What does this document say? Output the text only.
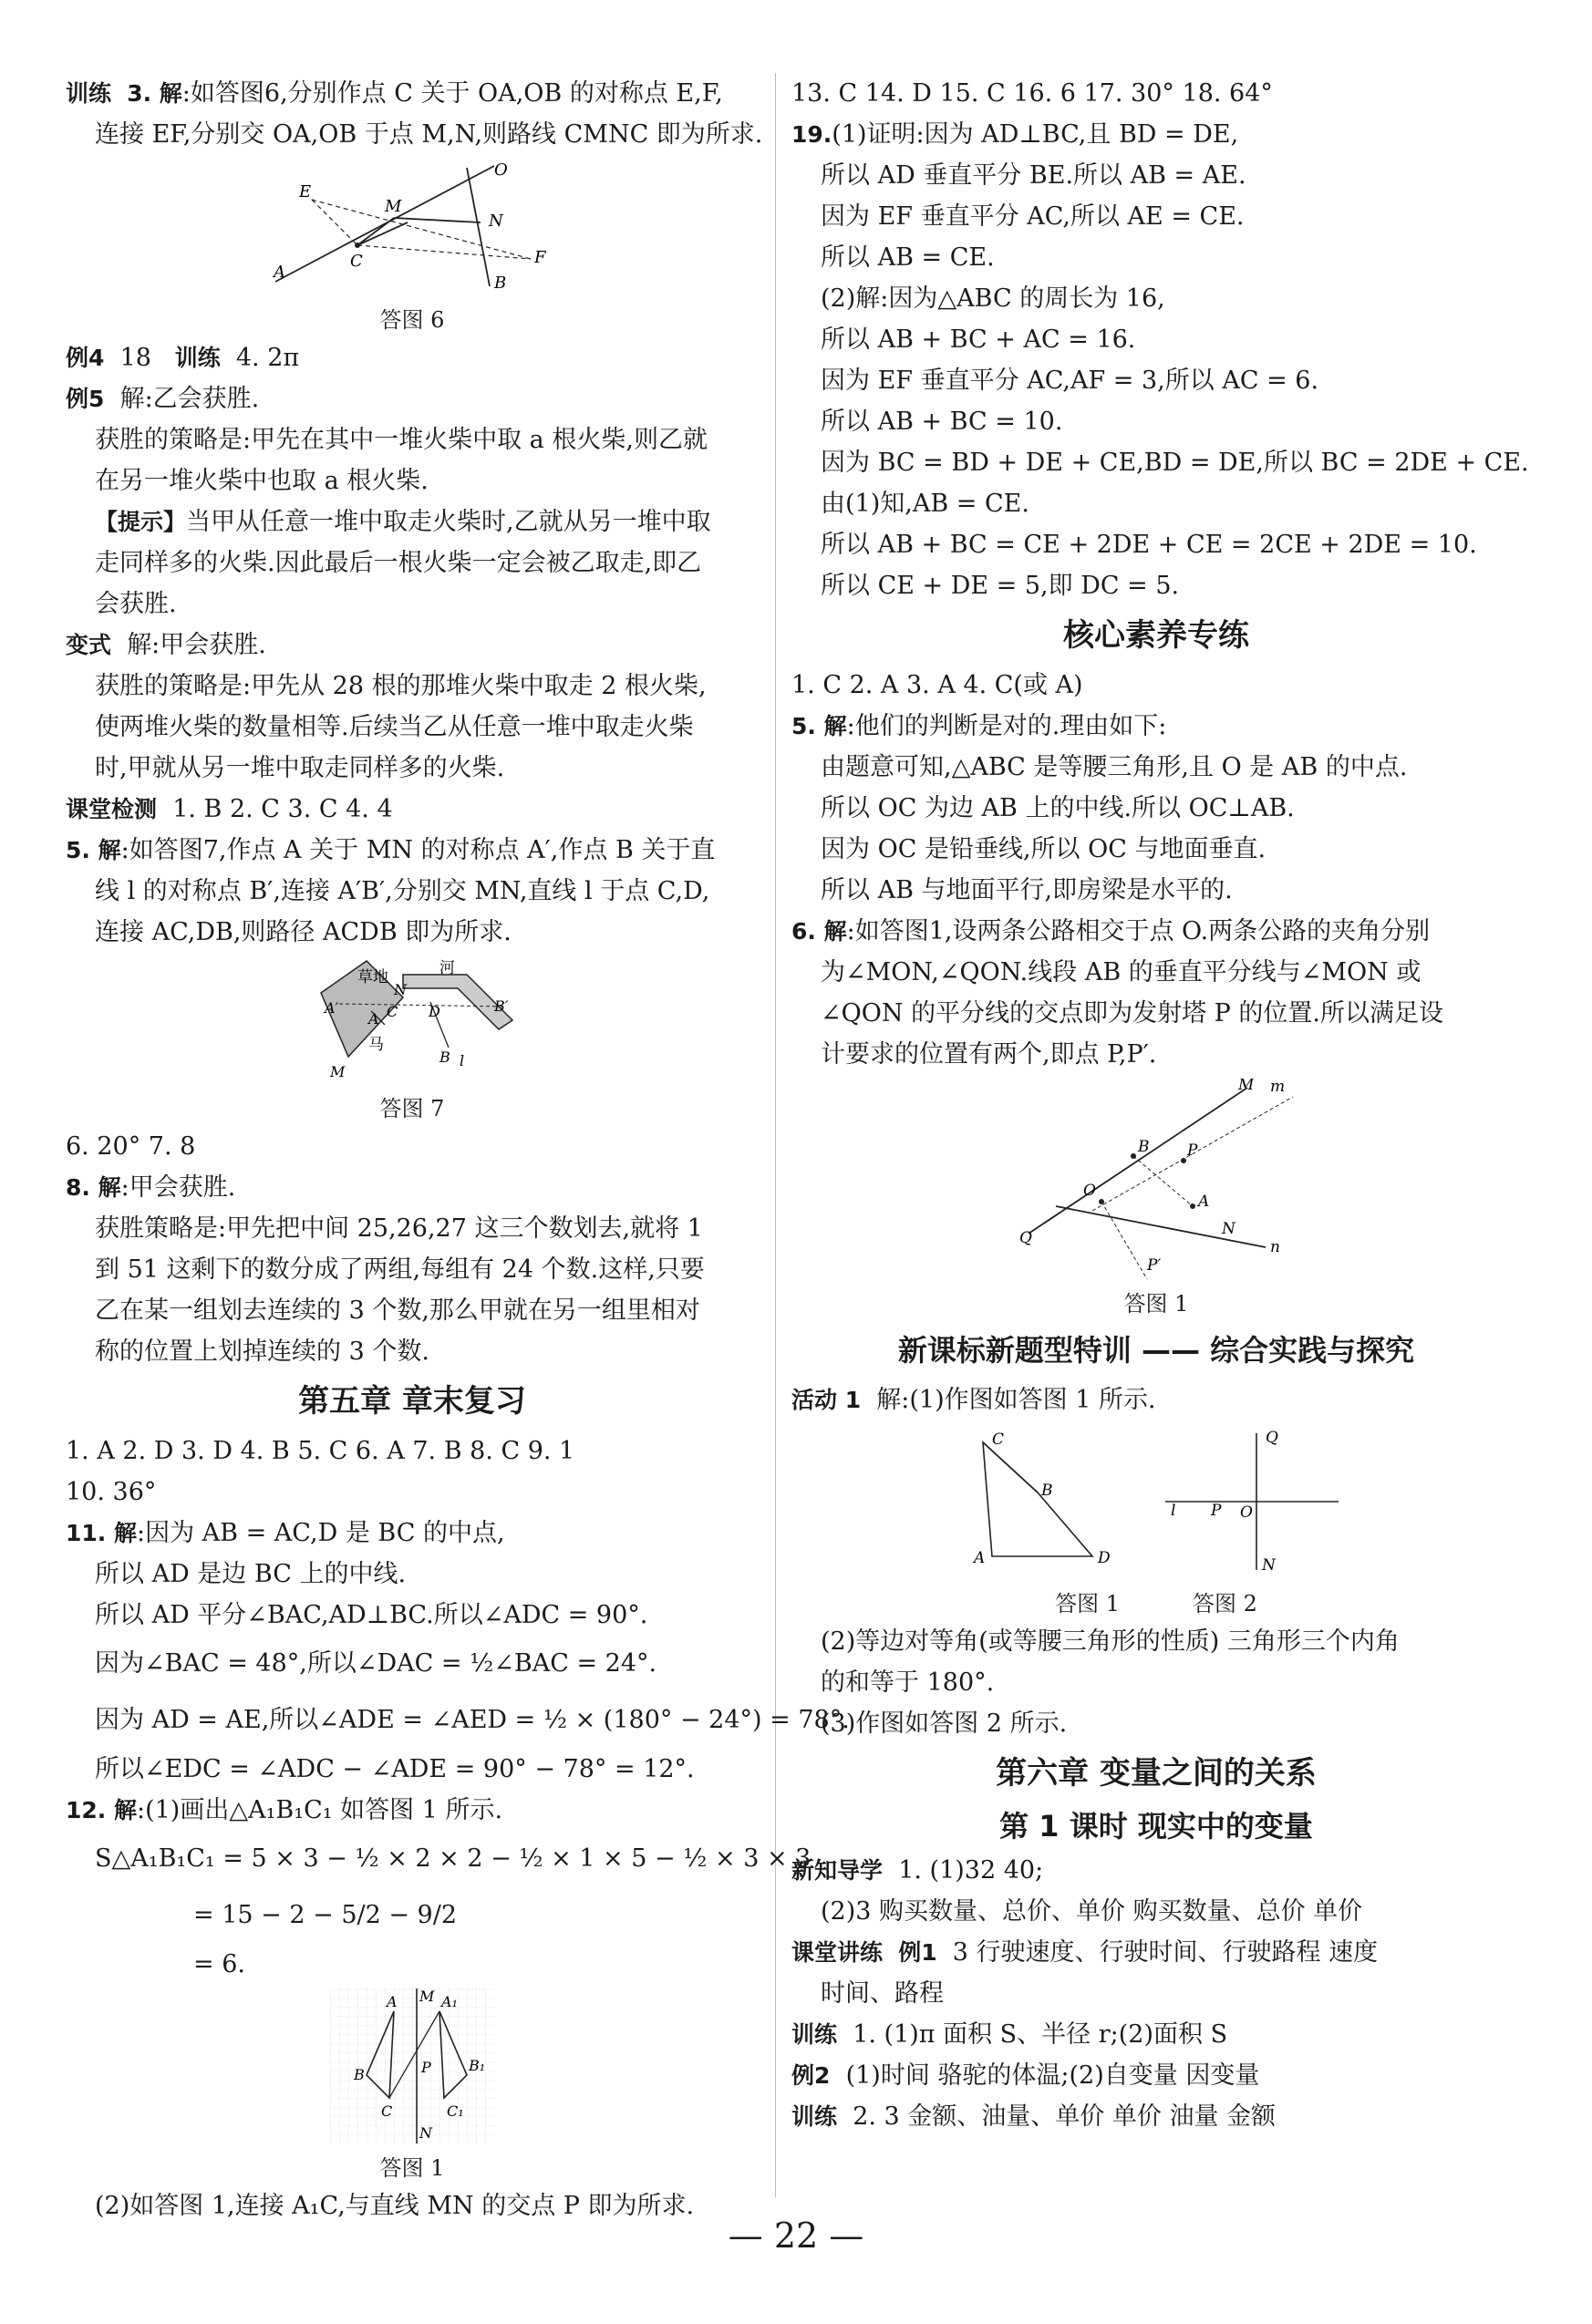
训练 3. 解:如答图6,分别作点 C 关于 OA,OB 的对称点 E,F,
连接 EF,分别交 OA,OB 于点 M,N,则路线 CMNC 即为所求.
E
M
O
N
F
A
C
B
答图 6
例4 18 训练 4. 2π
例5 解:乙会获胜.
获胜的策略是:甲先在其中一堆火柴中取 a 根火柴,则乙就
在另一堆火柴中也取 a 根火柴.
【提示】当甲从任意一堆中取走火柴时,乙就从另一堆中取
走同样多的火柴.因此最后一根火柴一定会被乙取走,即乙
会获胜.
变式 解:甲会获胜.
获胜的策略是:甲先从 28 根的那堆火柴中取走 2 根火柴,
使两堆火柴的数量相等.后续当乙从任意一堆中取走火柴
时,甲就从另一堆中取走同样多的火柴.
课堂检测 1. B 2. C 3. C 4. 4
5. 解:如答图7,作点 A 关于 MN 的对称点 A′,作点 B 关于直
线 l 的对称点 B′,连接 A′B′,分别交 MN,直线 l 于点 C,D,
连接 AC,DB,则路径 ACDB 即为所求.
草地	河
马
A′
A
N
C D	B′
B l
M
答图 7
6. 20° 7. 8
8. 解:甲会获胜.
获胜策略是:甲先把中间 25,26,27 这三个数划去,就将 1
到 51 这剩下的数分成了两组,每组有 24 个数.这样,只要
乙在某一组划去连续的 3 个数,那么甲就在另一组里相对
称的位置上划掉连续的 3 个数.
第五章 章末复习
1. A 2. D 3. D 4. B 5. C 6. A 7. B 8. C 9. 1
10. 36°
11. 解:因为 AB = AC,D 是 BC 的中点,
所以 AD 是边 BC 上的中线.
所以 AD 平分∠BAC,AD⊥BC.所以∠ADC = 90°.
因为∠BAC = 48°,所以∠DAC = ½∠BAC = 24°.
因为 AD = AE,所以∠ADE = ∠AED = ½ × (180° − 24°) = 78°.
所以∠EDC = ∠ADC − ∠ADE = 90° − 78° = 12°.
12. 解:(1)画出△A₁B₁C₁ 如答图 1 所示.
S△A₁B₁C₁ = 5 × 3 − ½ × 2 × 2 − ½ × 1 × 5 − ½ × 3 × 3
= 15 − 2 − 5/2 − 9/2
= 6.
M
A	A₁
B	P	B₁
C	C₁
N
答图 1
(2)如答图 1,连接 A₁C,与直线 MN 的交点 P 即为所求.
13. C 14. D 15. C 16. 6 17. 30° 18. 64°
19.(1)证明:因为 AD⊥BC,且 BD = DE,
所以 AD 垂直平分 BE.所以 AB = AE.
因为 EF 垂直平分 AC,所以 AE = CE.
所以 AB = CE.
(2)解:因为△ABC 的周长为 16,
所以 AB + BC + AC = 16.
因为 EF 垂直平分 AC,AF = 3,所以 AC = 6.
所以 AB + BC = 10.
因为 BC = BD + DE + CE,BD = DE,所以 BC = 2DE + CE.
由(1)知,AB = CE.
所以 AB + BC = CE + 2DE + CE = 2CE + 2DE = 10.
所以 CE + DE = 5,即 DC = 5.
核心素养专练
1. C 2. A 3. A 4. C(或 A)
5. 解:他们的判断是对的.理由如下:
由题意可知,△ABC 是等腰三角形,且 O 是 AB 的中点.
所以 OC 为边 AB 上的中线.所以 OC⊥AB.
因为 OC 是铅垂线,所以 OC 与地面垂直.
所以 AB 与地面平行,即房梁是水平的.
6. 解:如答图1,设两条公路相交于点 O.两条公路的夹角分别
为∠MON,∠QON.线段 AB 的垂直平分线与∠MON 或
∠QON 的平分线的交点即为发射塔 P 的位置.所以满足设
计要求的位置有两个,即点 P,P′.
M m
B P
O
A
N
n
Q
P′
答图 1
新课标新题型特训 —— 综合实践与探究
活动 1 解:(1)作图如答图 1 所示.
C
B
A	D
Q
l P O
N
答图 1	答图 2
(2)等边对等角(或等腰三角形的性质) 三角形三个内角
的和等于 180°.
(3)作图如答图 2 所示.
第六章 变量之间的关系
第 1 课时 现实中的变量
新知导学 1. (1)32 40;
(2)3 购买数量、总价、单价 购买数量、总价 单价
课堂讲练 例1 3 行驶速度、行驶时间、行驶路程 速度
时间、路程
训练 1. (1)π 面积 S、半径 r;(2)面积 S
例2 (1)时间 骆驼的体温;(2)自变量 因变量
训练 2. 3 金额、油量、单价 单价 油量 金额
— 22 —
